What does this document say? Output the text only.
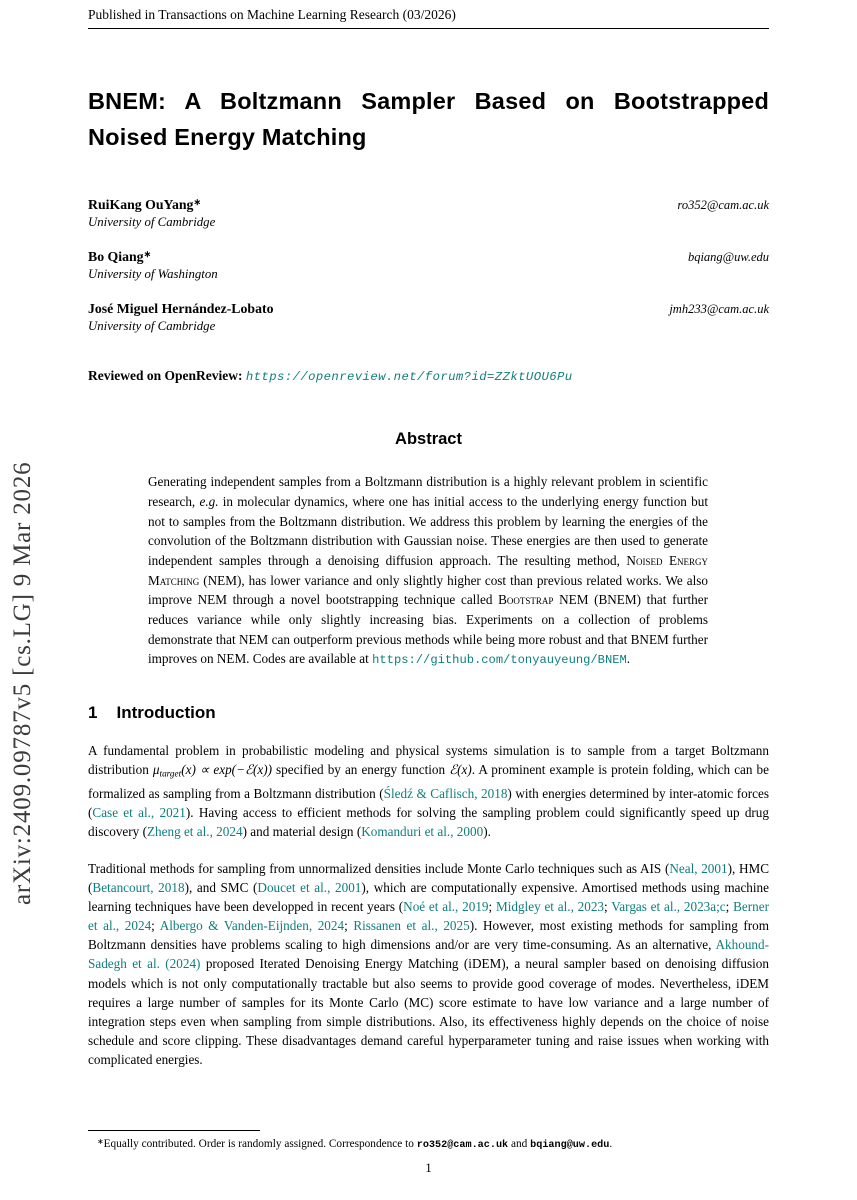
arXiv:2409.09787v5 [cs.LG] 9 Mar 2026
Published in Transactions on Machine Learning Research (03/2026)
BNEM: A Boltzmann Sampler Based on Bootstrapped
Noised Energy Matching
RuiKang OuYang∗	ro352@cam.ac.uk
University of Cambridge
Bo Qiang∗	bqiang@uw.edu
University of Washington
José Miguel Hernández-Lobato	jmh233@cam.ac.uk
University of Cambridge
Reviewed on OpenReview: https://openreview.net/forum?id=ZZktUOU6Pu
Abstract
Generating independent samples from a Boltzmann distribution is a highly relevant problem in scientific research, e.g. in molecular dynamics, where one has initial access to the underlying energy function but not to samples from the Boltzmann distribution. We address this problem by learning the energies of the convolution of the Boltzmann distribution with Gaussian noise. These energies are then used to generate independent samples through a denoising diffusion approach. The resulting method, Noised Energy Matching (NEM), has lower variance and only slightly higher cost than previous related works. We also improve NEM through a novel bootstrapping technique called Bootstrap NEM (BNEM) that further reduces variance while only slightly increasing bias. Experiments on a collection of problems demonstrate that NEM can outperform previous methods while being more robust and that BNEM further improves on NEM. Codes are available at https://github.com/tonyauyeung/BNEM.
1 Introduction
A fundamental problem in probabilistic modeling and physical systems simulation is to sample from a target Boltzmann distribution μtarget(x) ∝ exp(−ℰ(x)) specified by an energy function ℰ(x). A prominent example is protein folding, which can be formalized as sampling from a Boltzmann distribution (Śledź & Caflisch, 2018) with energies determined by inter-atomic forces (Case et al., 2021). Having access to efficient methods for solving the sampling problem could significantly speed up drug discovery (Zheng et al., 2024) and material design (Komanduri et al., 2000).
Traditional methods for sampling from unnormalized densities include Monte Carlo techniques such as AIS (Neal, 2001), HMC (Betancourt, 2018), and SMC (Doucet et al., 2001), which are computationally expensive. Amortised methods using machine learning techniques have been developped in recent years (Noé et al., 2019; Midgley et al., 2023; Vargas et al., 2023a;c; Berner et al., 2024; Albergo & Vanden-Eijnden, 2024; Rissanen et al., 2025). However, most existing methods for sampling from Boltzmann densities have problems scaling to high dimensions and/or are very time-consuming. As an alternative, Akhound-Sadegh et al. (2024) proposed Iterated Denoising Energy Matching (iDEM), a neural sampler based on denoising diffusion models which is not only computationally tractable but also seems to provide good coverage of modes. Nevertheless, iDEM requires a large number of samples for its Monte Carlo (MC) score estimate to have low variance and a large number of integration steps even when sampling from simple distributions. Also, its effectiveness highly depends on the choice of noise schedule and score clipping. These disadvantages demand careful hyperparameter tuning and raise issues when working with complicated energies.
∗Equally contributed. Order is randomly assigned. Correspondence to ro352@cam.ac.uk and bqiang@uw.edu.
1
